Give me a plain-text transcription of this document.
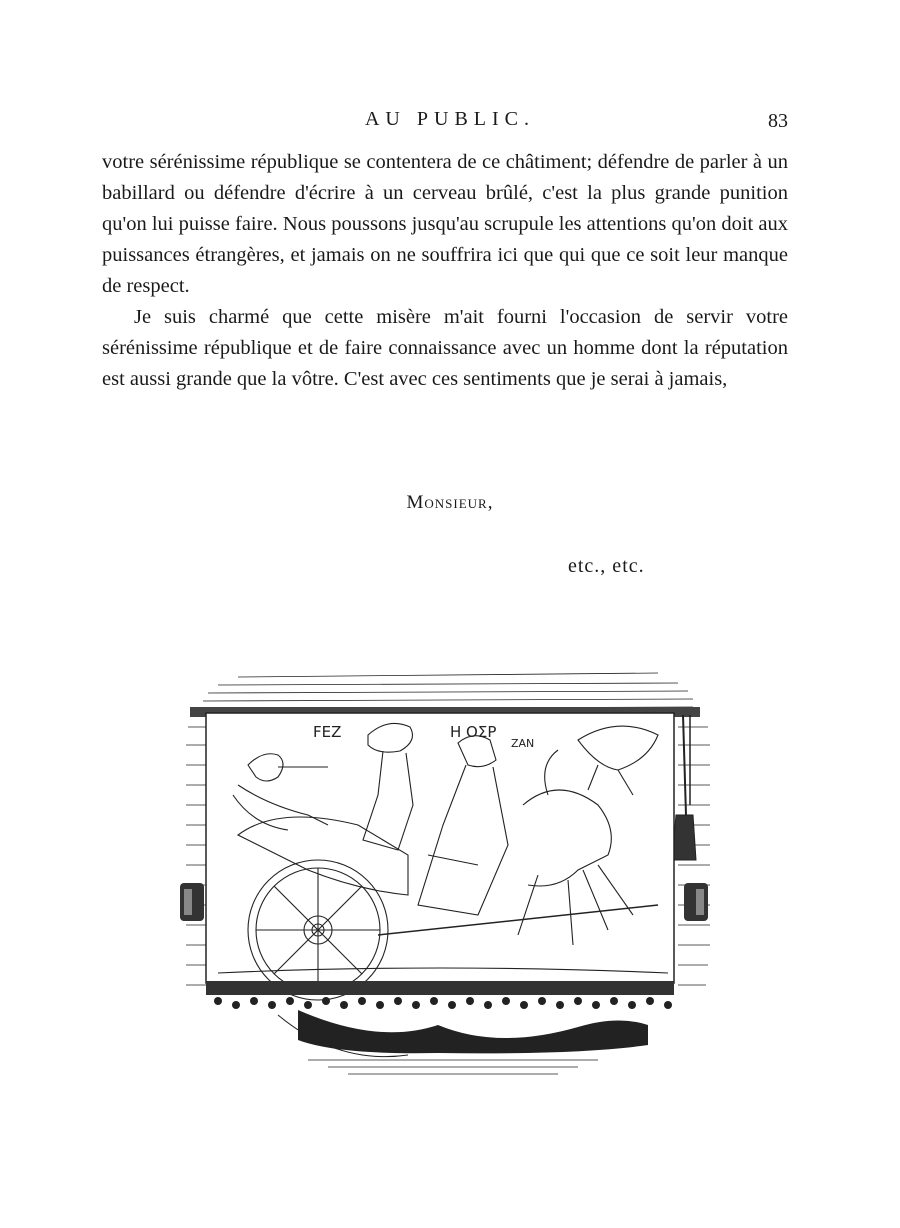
AU PUBLIC.	83

votre sérénissime république se contentera de ce châtiment; défendre de parler à un babillard ou défendre d'écrire à un cerveau brûlé, c'est la plus grande punition qu'on lui puisse faire. Nous poussons jusqu'au scrupule les attentions qu'on doit aux puissances étrangères, et jamais on ne souffrira ici que qui que ce soit leur manque de respect.

Je suis charmé que cette misère m'ait fourni l'occasion de servir votre sérénissime république et de faire connaissance avec un homme dont la réputation est aussi grande que la vôtre. C'est avec ces sentiments que je serai à jamais,

Monsieur,
etc., etc.
FEZ	H OΣP
ZAN
